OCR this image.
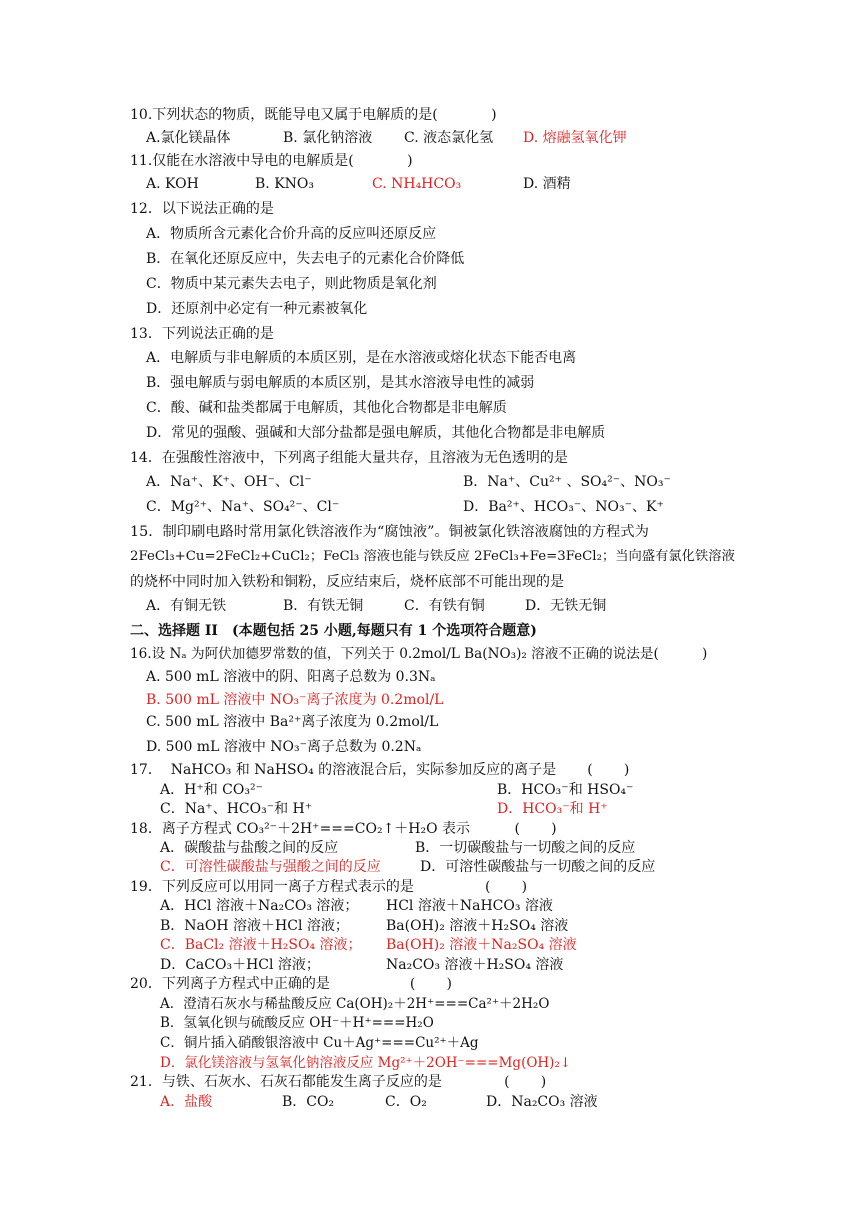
10.下列状态的物质，既能导电又属于电解质的是(            )
A.氯化镁晶体	B. 氯化钠溶液 C. 液态氯化氢 D. 熔融氢氧化钾
11.仅能在水溶液中导电的电解质是(            )
A. KOH	B. KNO₃	C. NH₄HCO₃	D. 酒精
12．以下说法正确的是
A．物质所含元素化合价升高的反应叫还原反应
B．在氧化还原反应中，失去电子的元素化合价降低
C．物质中某元素失去电子，则此物质是氧化剂
D．还原剂中必定有一种元素被氧化
13．下列说法正确的是
A．电解质与非电解质的本质区别，是在水溶液或熔化状态下能否电离
B．强电解质与弱电解质的本质区别，是其水溶液导电性的减弱
C．酸、碱和盐类都属于电解质，其他化合物都是非电解质
D．常见的强酸、强碱和大部分盐都是强电解质，其他化合物都是非电解质
14．在强酸性溶液中，下列离子组能大量共存，且溶液为无色透明的是
A．Na⁺、K⁺、OH⁻、Cl⁻	B．Na⁺、Cu²⁺ 、SO₄²⁻、NO₃⁻
C．Mg²⁺、Na⁺、SO₄²⁻、Cl⁻	D．Ba²⁺、HCO₃⁻、NO₃⁻、K⁺
15．制印刷电路时常用氯化铁溶液作为“腐蚀液”。铜被氯化铁溶液腐蚀的方程式为
2FeCl₃+Cu=2FeCl₂+CuCl₂；FeCl₃ 溶液也能与铁反应 2FeCl₃+Fe=3FeCl₂；当向盛有氯化铁溶液
的烧杯中同时加入铁粉和铜粉，反应结束后，烧杯底部不可能出现的是
A．有铜无铁	B．有铁无铜	C．有铁有铜	D．无铁无铜
二、选择题 II　(本题包括 25 小题,每题只有 1 个选项符合题意)
16.设 Nₐ 为阿伏加德罗常数的值，下列关于 0.2mol/L Ba(NO₃)₂ 溶液不正确的说法是(          )
A. 500 mL 溶液中的阴、阳离子总数为 0.3Nₐ
B. 500 mL 溶液中 NO₃⁻离子浓度为 0.2mol/L
C. 500 mL 溶液中 Ba²⁺离子浓度为 0.2mol/L
D. 500 mL 溶液中 NO₃⁻离子总数为 0.2Nₐ
17．  NaHCO₃ 和 NaHSO₄ 的溶液混合后，实际参加反应的离子是       (       )
A．H⁺和 CO₃²⁻	B．HCO₃⁻和 HSO₄⁻
C．Na⁺、HCO₃⁻和 H⁺	D．HCO₃⁻和 H⁺
18．离子方程式 CO₃²⁻＋2H⁺===CO₂↑＋H₂O 表示          (       )
A．碳酸盐与盐酸之间的反应	B．一切碳酸盐与一切酸之间的反应
C．可溶性碳酸盐与强酸之间的反应	D．可溶性碳酸盐与一切酸之间的反应
19．下列反应可以用同一离子方程式表示的是                (       )
A．HCl 溶液＋Na₂CO₃ 溶液； HCl 溶液＋NaHCO₃ 溶液
B．NaOH 溶液＋HCl 溶液；	Ba(OH)₂ 溶液＋H₂SO₄ 溶液
C．BaCl₂ 溶液＋H₂SO₄ 溶液； Ba(OH)₂ 溶液＋Na₂SO₄ 溶液
D．CaCO₃＋HCl 溶液；	Na₂CO₃ 溶液＋H₂SO₄ 溶液
20．下列离子方程式中正确的是                  (       )
A．澄清石灰水与稀盐酸反应 Ca(OH)₂＋2H⁺===Ca²⁺＋2H₂O
B．氢氧化钡与硫酸反应 OH⁻＋H⁺===H₂O
C．铜片插入硝酸银溶液中 Cu＋Ag⁺===Cu²⁺＋Ag
D．氯化镁溶液与氢氧化钠溶液反应 Mg²⁺＋2OH⁻===Mg(OH)₂↓
21．与铁、石灰水、石灰石都能发生离子反应的是              (       )
A．盐酸	B．CO₂	C．O₂	D．Na₂CO₃ 溶液
